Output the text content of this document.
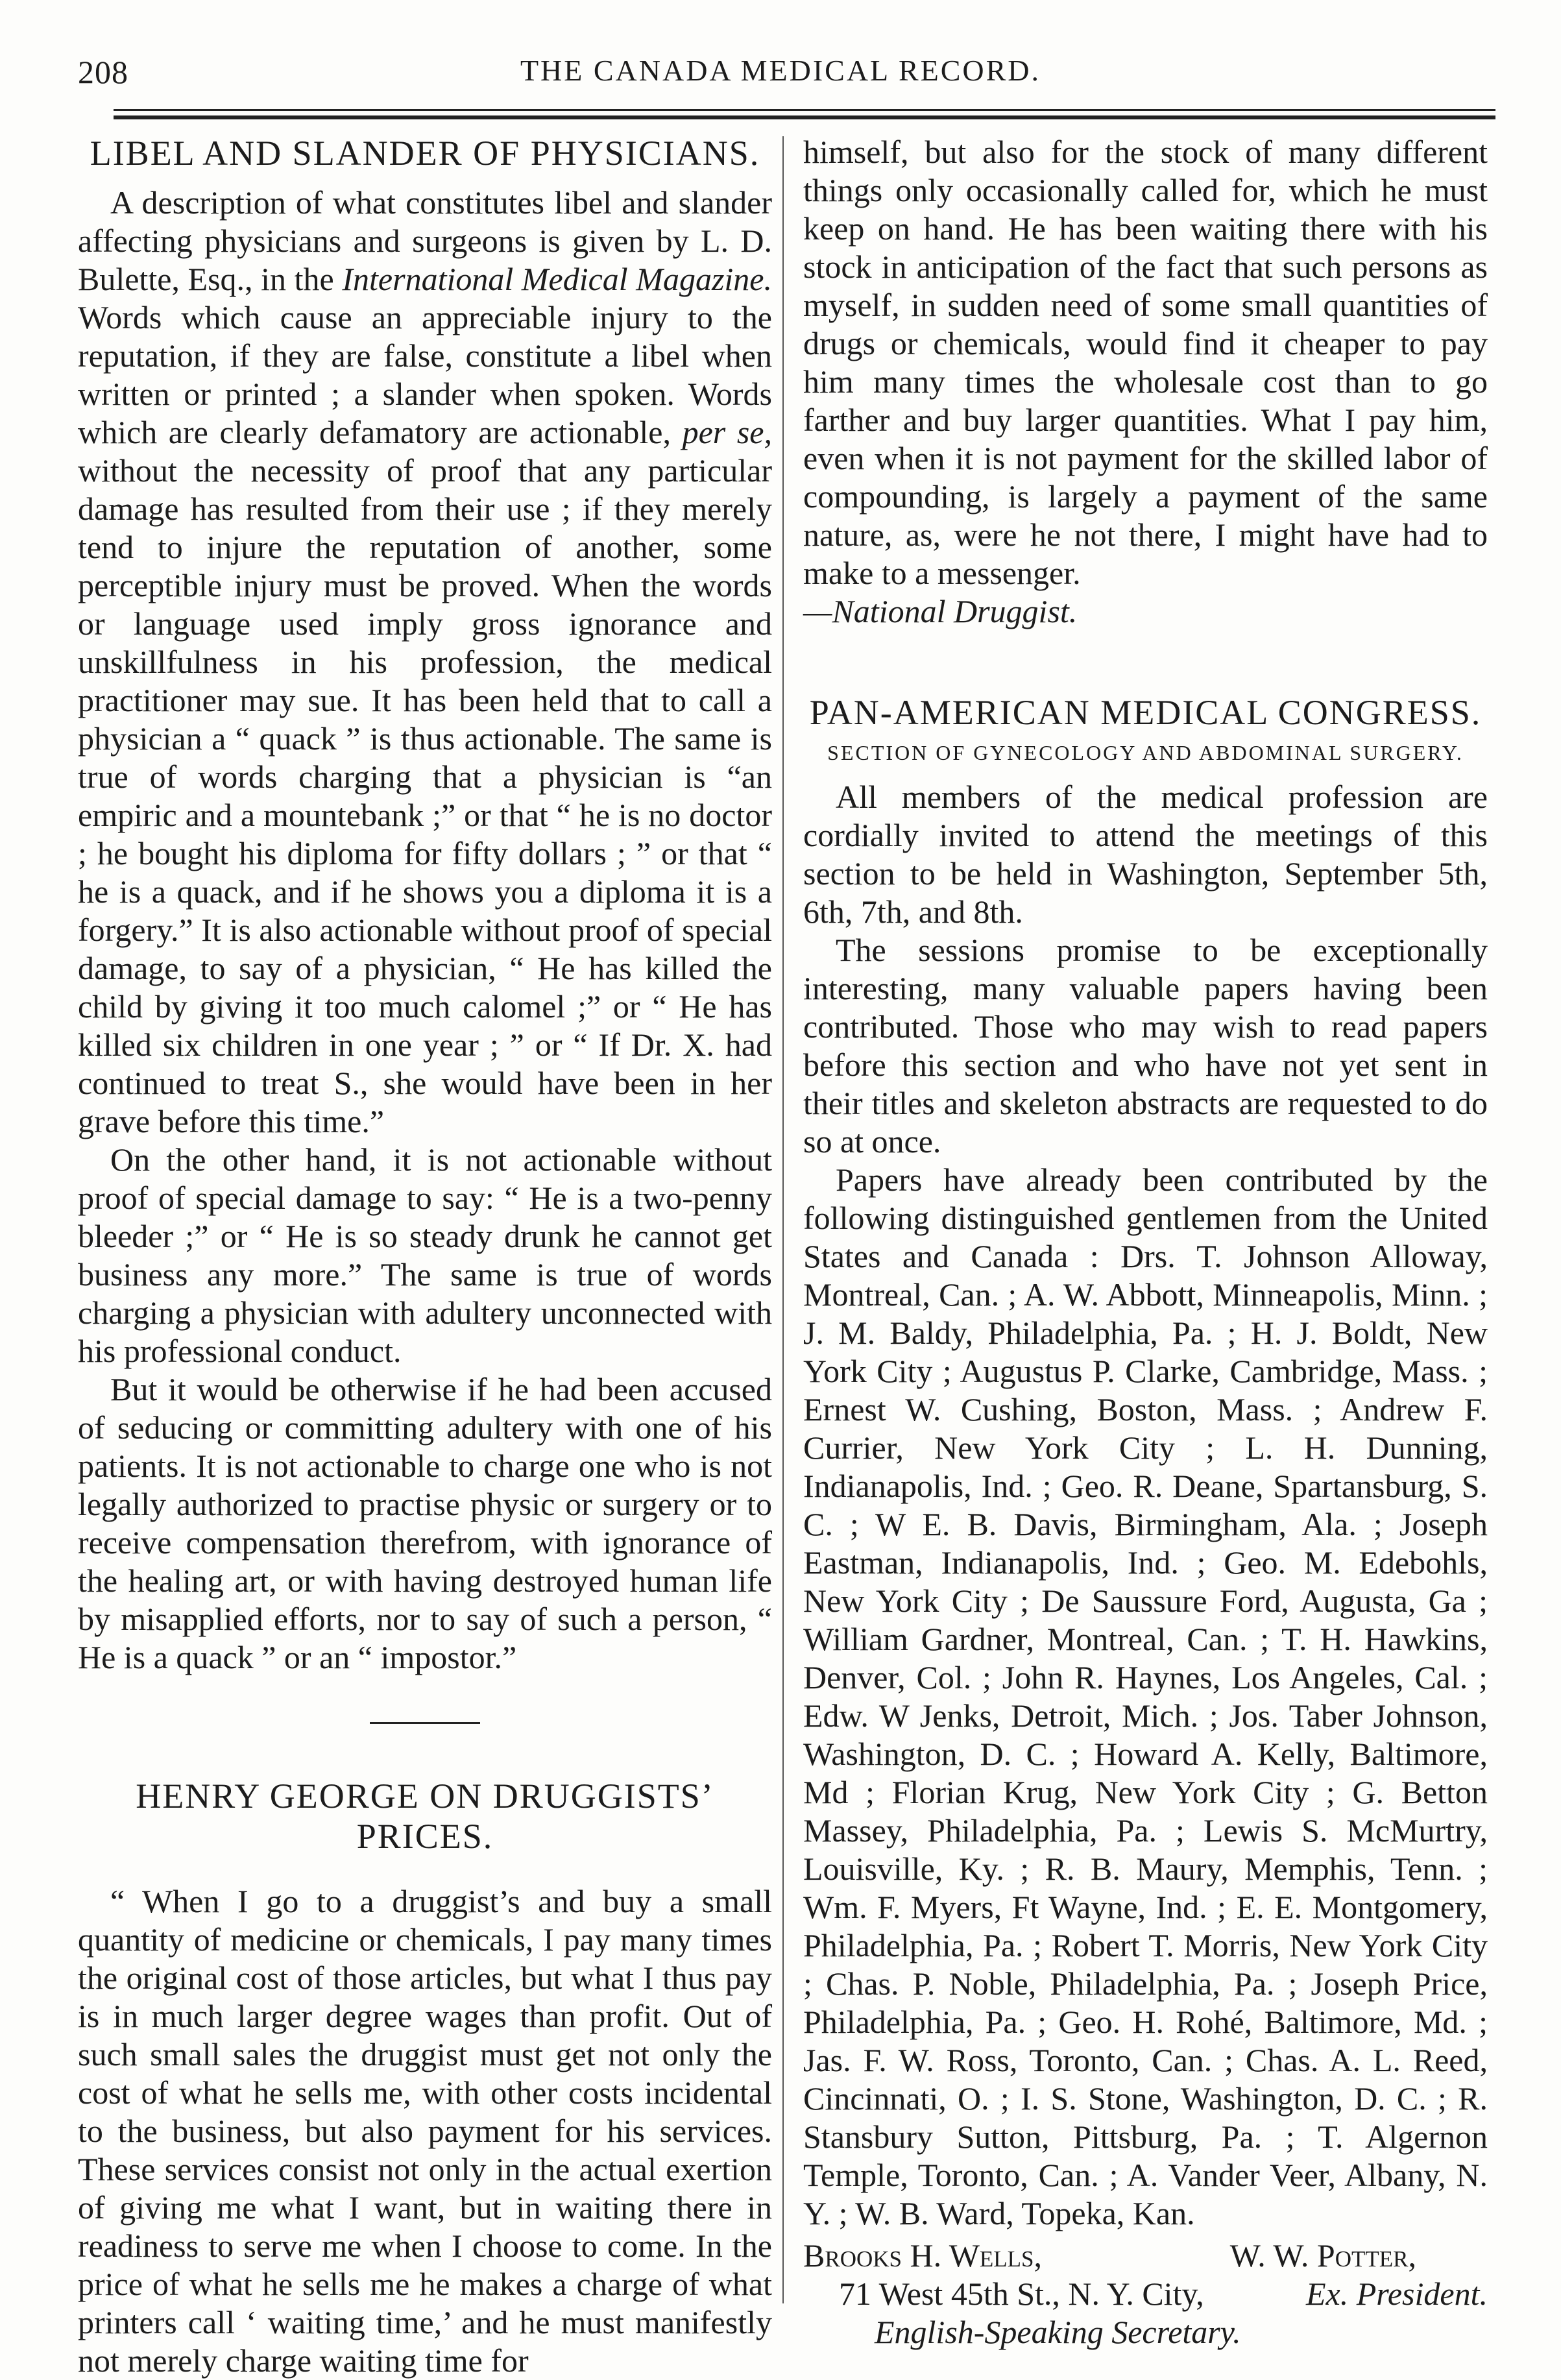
208	THE CANADA MEDICAL RECORD.
LIBEL AND SLANDER OF PHYSICIANS.

A description of what constitutes libel and slander affecting physicians and surgeons is given by L. D. Bulette, Esq., in the International Medical Magazine. Words which cause an appreciable injury to the reputation, if they are false, constitute a libel when written or printed ; a slander when spoken. Words which are clearly defamatory are actionable, per se, without the necessity of proof that any particular damage has resulted from their use ; if they merely tend to injure the reputation of another, some perceptible injury must be proved. When the words or language used imply gross ignorance and unskillfulness in his profession, the medical practitioner may sue. It has been held that to call a physician a “ quack ” is thus actionable. The same is true of words charging that a physician is “an empiric and a mountebank ;” or that “ he is no doctor ; he bought his diploma for fifty dollars ; ” or that “ he is a quack, and if he shows you a diploma it is a forgery.” It is also actionable without proof of special damage, to say of a physician, “ He has killed the child by giving it too much calomel ;” or “ He has killed six children in one year ; ” or “ If Dr. X. had continued to treat S., she would have been in her grave before this time.”

On the other hand, it is not actionable without proof of special damage to say: “ He is a two-penny bleeder ;” or “ He is so steady drunk he cannot get business any more.” The same is true of words charging a physician with adultery unconnected with his professional conduct.

But it would be otherwise if he had been accused of seducing or committing adultery with one of his patients. It is not actionable to charge one who is not legally authorized to practise physic or surgery or to receive compensation therefrom, with ignorance of the healing art, or with having destroyed human life by misapplied efforts, nor to say of such a person, “ He is a quack ” or an “ impostor.”

HENRY GEORGE ON DRUGGISTS’ PRICES.

“ When I go to a druggist’s and buy a small quantity of medicine or chemicals, I pay many times the original cost of those articles, but what I thus pay is in much larger degree wages than profit. Out of such small sales the druggist must get not only the cost of what he sells me, with other costs incidental to the business, but also payment for his services. These services consist not only in the actual exertion of giving me what I want, but in waiting there in readiness to serve me when I choose to come. In the price of what he sells me he makes a charge of what printers call ‘ waiting time,’ and he must manifestly not merely charge waiting time for

himself, but also for the stock of many different things only occasionally called for, which he must keep on hand. He has been waiting there with his stock in anticipation of the fact that such persons as myself, in sudden need of some small quantities of drugs or chemicals, would find it cheaper to pay him many times the wholesale cost than to go farther and buy larger quantities. What I pay him, even when it is not payment for the skilled labor of compounding, is largely a payment of the same nature, as, were he not there, I might have had to make to a messenger.

—National Druggist.

PAN-AMERICAN MEDICAL CONGRESS.
SECTION OF GYNECOLOGY AND ABDOMINAL SURGERY.

All members of the medical profession are cordially invited to attend the meetings of this section to be held in Washington, September 5th, 6th, 7th, and 8th.

The sessions promise to be exceptionally interesting, many valuable papers having been contributed. Those who may wish to read papers before this section and who have not yet sent in their titles and skeleton abstracts are requested to do so at once.

Papers have already been contributed by the following distinguished gentlemen from the United States and Canada : Drs. T. Johnson Alloway, Montreal, Can. ; A. W. Abbott, Minneapolis, Minn. ; J. M. Baldy, Philadelphia, Pa. ; H. J. Boldt, New York City ; Augustus P. Clarke, Cambridge, Mass. ; Ernest W. Cushing, Boston, Mass. ; Andrew F. Currier, New York City ; L. H. Dunning, Indianapolis, Ind. ; Geo. R. Deane, Spartansburg, S. C. ; W E. B. Davis, Birmingham, Ala. ; Joseph Eastman, Indianapolis, Ind. ; Geo. M. Edebohls, New York City ; De Saussure Ford, Augusta, Ga ; William Gardner, Montreal, Can. ; T. H. Hawkins, Denver, Col. ; John R. Haynes, Los Angeles, Cal. ; Edw. W Jenks, Detroit, Mich. ; Jos. Taber Johnson, Washington, D. C. ; Howard A. Kelly, Baltimore, Md ; Florian Krug, New York City ; G. Betton Massey, Philadelphia, Pa. ; Lewis S. McMurtry, Louisville, Ky. ; R. B. Maury, Memphis, Tenn. ; Wm. F. Myers, Ft Wayne, Ind. ; E. E. Montgomery, Philadelphia, Pa. ; Robert T. Morris, New York City ; Chas. P. Noble, Philadelphia, Pa. ; Joseph Price, Philadelphia, Pa. ; Geo. H. Rohé, Baltimore, Md. ; Jas. F. W. Ross, Toronto, Can. ; Chas. A. L. Reed, Cincinnati, O. ; I. S. Stone, Washington, D. C. ; R. Stansbury Sutton, Pittsburg, Pa. ; T. Algernon Temple, Toronto, Can. ; A. Vander Veer, Albany, N. Y. ; W. B. Ward, Topeka, Kan.

Brooks H. Wells,	W. W. Potter,
71 West 45th St., N. Y. City,	Ex. President.
English-Speaking Secretary.
